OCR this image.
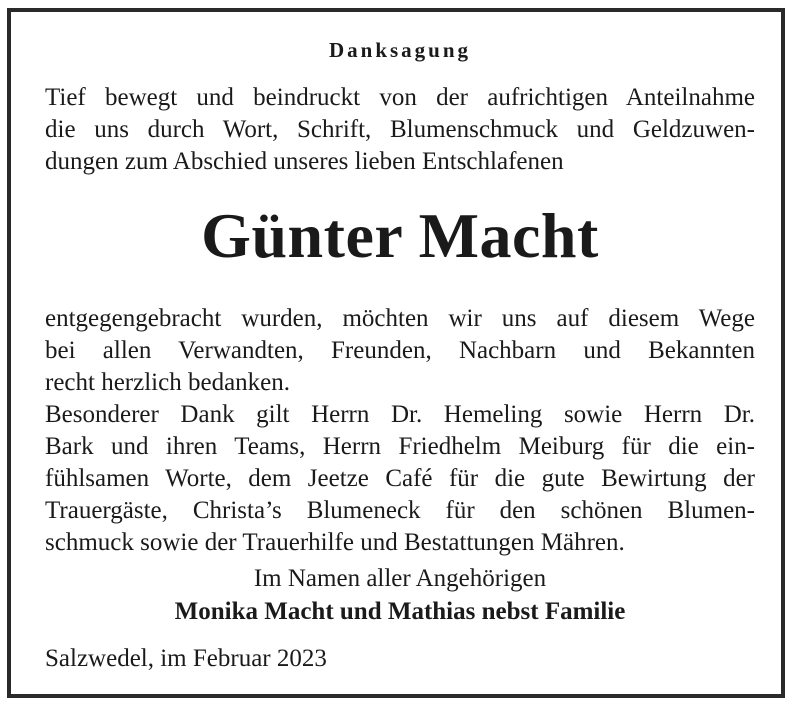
Danksagung
Tief bewegt und beindruckt von der aufrichtigen Anteilnahme
die uns durch Wort, Schrift, Blumenschmuck und Geldzuwen-
dungen zum Abschied unseres lieben Entschlafenen
Günter Macht
entgegengebracht wurden, möchten wir uns auf diesem Wege
bei allen Verwandten, Freunden, Nachbarn und Bekannten
recht herzlich bedanken.
Besonderer Dank gilt Herrn Dr. Hemeling sowie Herrn Dr.
Bark und ihren Teams, Herrn Friedhelm Meiburg für die ein-
fühlsamen Worte, dem Jeetze Café für die gute Bewirtung der
Trauergäste, Christa’s Blumeneck für den schönen Blumen-
schmuck sowie der Trauerhilfe und Bestattungen Mähren.
Im Namen aller Angehörigen
Monika Macht und Mathias nebst Familie
Salzwedel, im Februar 2023
